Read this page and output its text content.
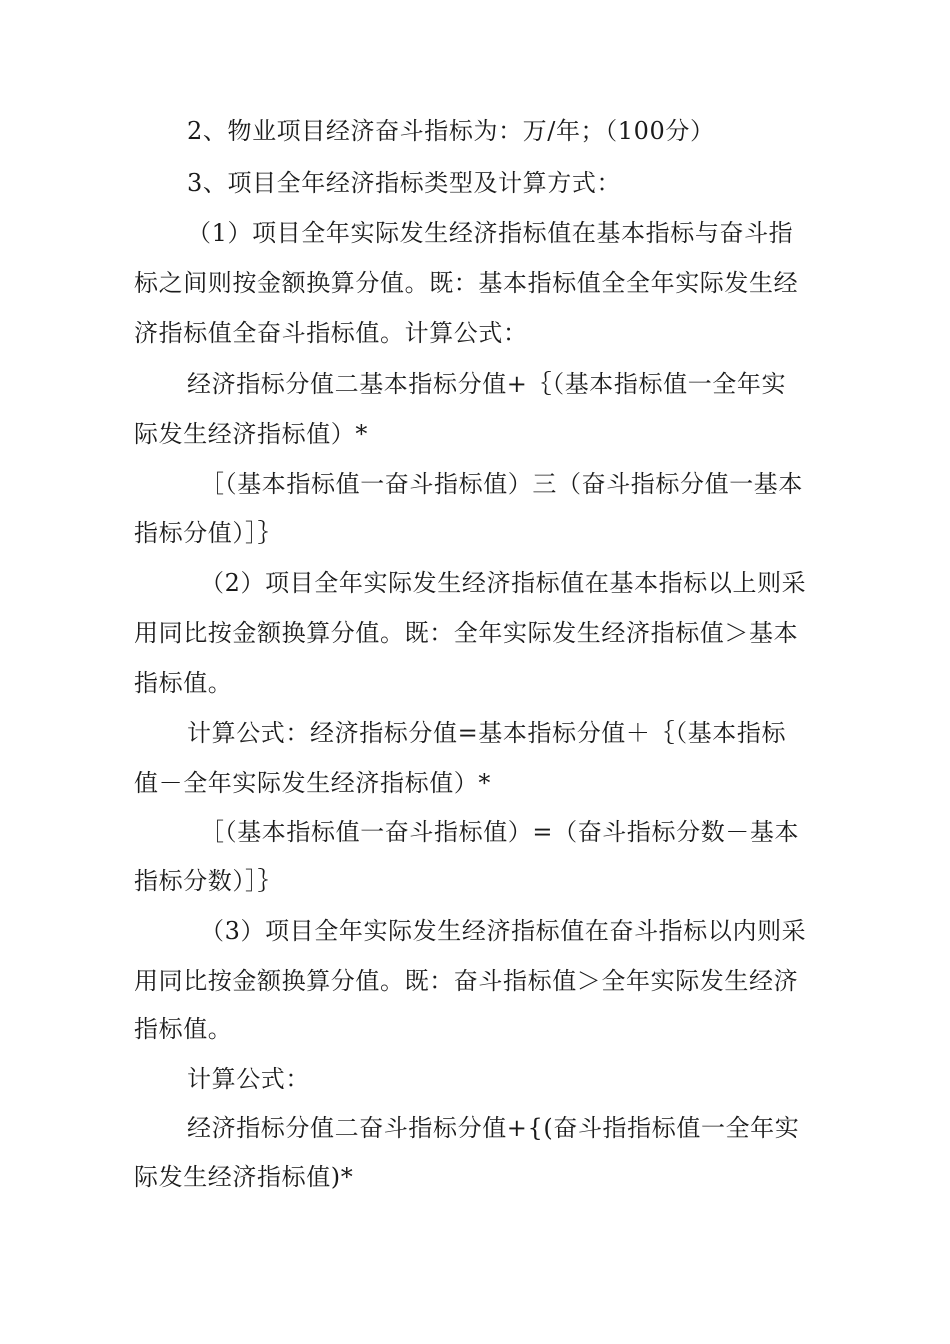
2、物业项目经济奋斗指标为：万/年；（100分）
3、项目全年经济指标类型及计算方式：
（1）项目全年实际发生经济指标值在基本指标与奋斗指
标之间则按金额换算分值。既：基本指标值全全年实际发生经
济指标值全奋斗指标值。计算公式：
经济指标分值二基本指标分值+｛（基本指标值一全年实
际发生经济指标值）*
［（基本指标值一奋斗指标值）三（奋斗指标分值一基本
指标分值）］｝
（2）项目全年实际发生经济指标值在基本指标以上则采
用同比按金额换算分值。既：全年实际发生经济指标值＞基本
指标值。
计算公式：经济指标分值=基本指标分值＋｛（基本指标
值－全年实际发生经济指标值）*
［（基本指标值一奋斗指标值）=（奋斗指标分数－基本
指标分数）］｝
（3）项目全年实际发生经济指标值在奋斗指标以内则采
用同比按金额换算分值。既：奋斗指标值＞全年实际发生经济
指标值。
计算公式：
经济指标分值二奋斗指标分值+{(奋斗指指标值一全年实
际发生经济指标值)*
